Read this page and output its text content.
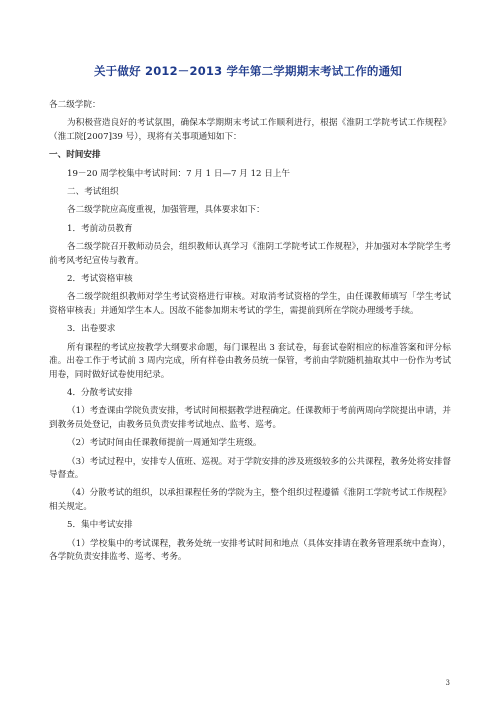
关于做好 2012－2013 学年第二学期期末考试工作的通知

各二级学院：

为积极营造良好的考试氛围，确保本学期期末考试工作顺利进行，根据《淮阴工学院考试工作规程》（淮工院[2007]39 号），现将有关事项通知如下：

一、时间安排

19－20 周学校集中考试时间：7 月 1 日—7 月 12 日上午

二、考试组织

各二级学院应高度重视，加强管理，具体要求如下：

1．考前动员教育

各二级学院召开教师动员会，组织教师认真学习《淮阴工学院考试工作规程》，并加强对本学院学生考前考风考纪宣传与教育。

2．考试资格审核

各二级学院组织教师对学生考试资格进行审核。对取消考试资格的学生，由任课教师填写「学生考试资格审核表」并通知学生本人。因故不能参加期末考试的学生，需提前到所在学院办理缓考手续。

3．出卷要求

所有课程的考试应按教学大纲要求命题，每门课程出 3 套试卷，每套试卷附相应的标准答案和评分标准。出卷工作于考试前 3 周内完成，所有样卷由教务员统一保管，考前由学院随机抽取其中一份作为考试用卷，同时做好试卷使用纪录。

4．分散考试安排

（1）考查课由学院负责安排，考试时间根据教学进程确定。任课教师于考前两周向学院提出申请，并到教务员处登记，由教务员负责安排考试地点、监考、巡考。

（2）考试时间由任课教师提前一周通知学生班级。

（3）考试过程中，安排专人值班、巡视。对于学院安排的涉及班级较多的公共课程，教务处将安排督导督查。

（4）分散考试的组织，以承担课程任务的学院为主，整个组织过程遵循《淮阴工学院考试工作规程》相关规定。

5．集中考试安排

（1）学校集中的考试课程，教务处统一安排考试时间和地点（具体安排请在教务管理系统中查询），各学院负责安排监考、巡考、考务。

3
